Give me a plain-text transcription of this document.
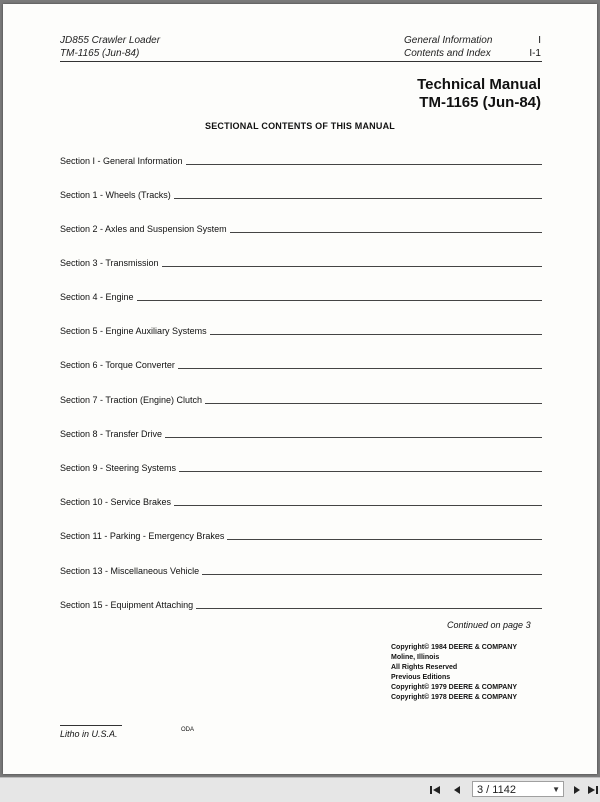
JD855 Crawler Loader
TM-1165 (Jun-84)
General Information
Contents and Index
I
I-1
Technical Manual
TM-1165 (Jun-84)
SECTIONAL CONTENTS OF THIS MANUAL
Section I - General Information
Section 1 - Wheels (Tracks)
Section 2 - Axles and Suspension System
Section 3 - Transmission
Section 4 - Engine
Section 5 - Engine Auxiliary Systems
Section 6 - Torque Converter
Section 7 - Traction (Engine) Clutch
Section 8 - Transfer Drive
Section 9 - Steering Systems
Section 10 - Service Brakes
Section 11 - Parking - Emergency Brakes
Section 13 - Miscellaneous Vehicle
Section 15 - Equipment Attaching
Continued on page 3
Copyright© 1984 DEERE & COMPANY
Moline, Illinois
All Rights Reserved
Previous Editions
Copyright© 1979 DEERE & COMPANY
Copyright© 1978 DEERE & COMPANY
Litho in U.S.A.	ODA
3 / 1142	▼
